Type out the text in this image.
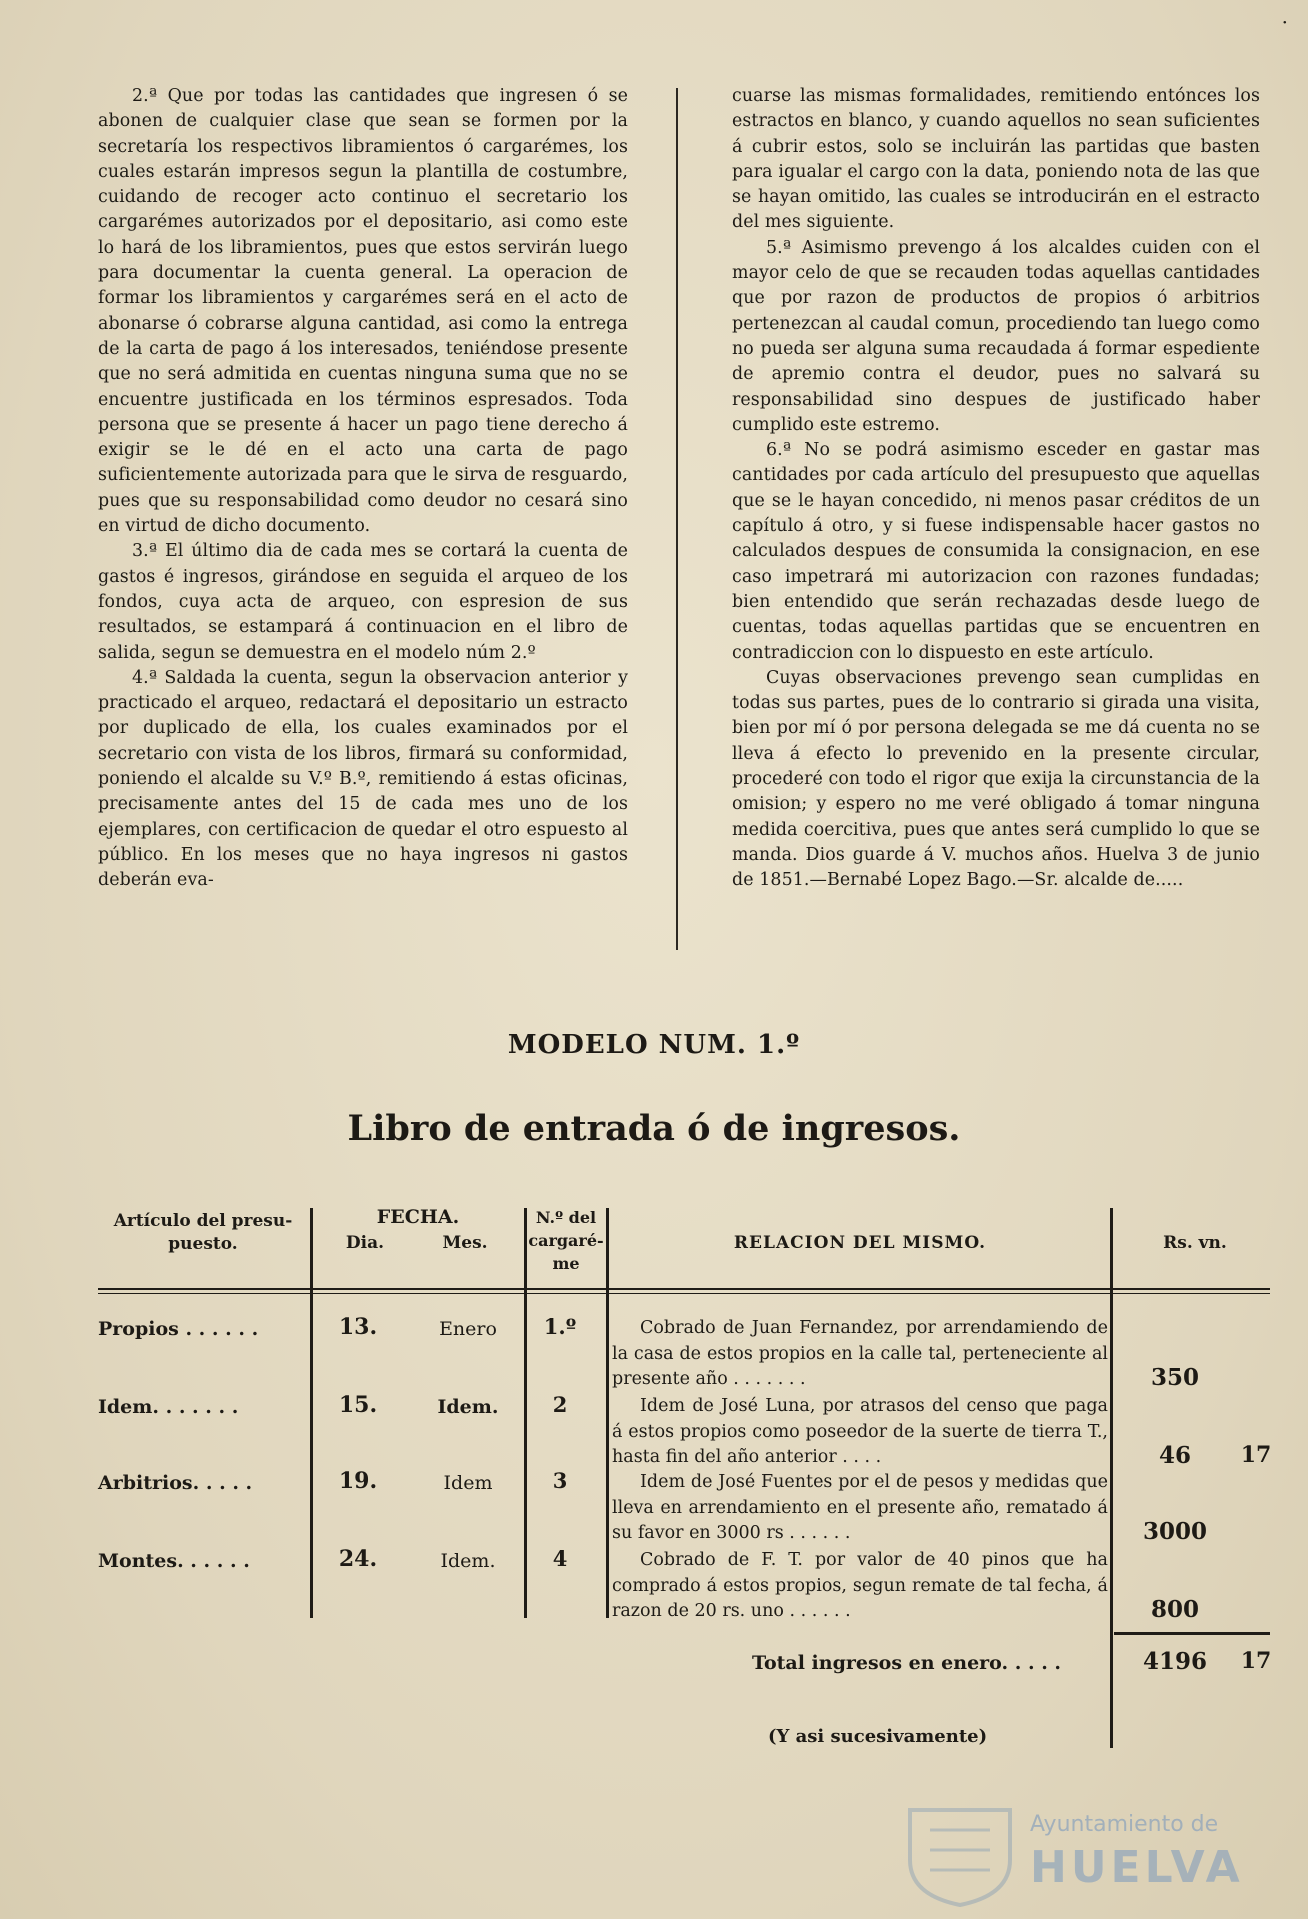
·

2.ª Que por todas las cantidades que ingresen ó se abonen de cualquier clase que sean se formen por la secretaría los respectivos libramientos ó cargarémes, los cuales estarán impresos segun la plantilla de costumbre, cuidando de recoger acto continuo el secretario los cargarémes autorizados por el depositario, asi como este lo hará de los libramientos, pues que estos servirán luego para documentar la cuenta general. La operacion de formar los libramientos y cargarémes será en el acto de abonarse ó cobrarse alguna cantidad, asi como la entrega de la carta de pago á los interesados, teniéndose presente que no será admitida en cuentas ninguna suma que no se encuentre justificada en los términos espresados. Toda persona que se presente á hacer un pago tiene derecho á exigir se le dé en el acto una carta de pago suficientemente autorizada para que le sirva de resguardo, pues que su responsabilidad como deudor no cesará sino en virtud de dicho documento.

3.ª El último dia de cada mes se cortará la cuenta de gastos é ingresos, girándose en seguida el arqueo de los fondos, cuya acta de arqueo, con espresion de sus resultados, se estampará á continuacion en el libro de salida, segun se demuestra en el modelo núm 2.º

4.ª Saldada la cuenta, segun la observacion anterior y practicado el arqueo, redactará el depositario un estracto por duplicado de ella, los cuales examinados por el secretario con vista de los libros, firmará su conformidad, poniendo el alcalde su V.º B.º, remitiendo á estas oficinas, precisamente antes del 15 de cada mes uno de los ejemplares, con certificacion de quedar el otro espuesto al público. En los meses que no haya ingresos ni gastos deberán eva-

cuarse las mismas formalidades, remitiendo entónces los estractos en blanco, y cuando aquellos no sean suficientes á cubrir estos, solo se incluirán las partidas que basten para igualar el cargo con la data, poniendo nota de las que se hayan omitido, las cuales se introducirán en el estracto del mes siguiente.

5.ª Asimismo prevengo á los alcaldes cuiden con el mayor celo de que se recauden todas aquellas cantidades que por razon de productos de propios ó arbitrios pertenezcan al caudal comun, procediendo tan luego como no pueda ser alguna suma recaudada á formar espediente de apremio contra el deudor, pues no salvará su responsabilidad sino despues de justificado haber cumplido este estremo.

6.ª No se podrá asimismo esceder en gastar mas cantidades por cada artículo del presupuesto que aquellas que se le hayan concedido, ni menos pasar créditos de un capítulo á otro, y si fuese indispensable hacer gastos no calculados despues de consumida la consignacion, en ese caso impetrará mi autorizacion con razones fundadas; bien entendido que serán rechazadas desde luego de cuentas, todas aquellas partidas que se encuentren en contradiccion con lo dispuesto en este artículo.

Cuyas observaciones prevengo sean cumplidas en todas sus partes, pues de lo contrario si girada una visita, bien por mí ó por persona delegada se me dá cuenta no se lleva á efecto lo prevenido en la presente circular, procederé con todo el rigor que exija la circunstancia de la omision; y espero no me veré obligado á tomar ninguna medida coercitiva, pues que antes será cumplido lo que se manda. Dios guarde á V. muchos años. Huelva 3 de junio de 1851.—Bernabé Lopez Bago.—Sr. alcalde de.....

MODELO NUM. 1.º
Libro de entrada ó de ingresos.
Artículo del presu-
puesto.
FECHA.
Dia.	Mes.
N.º del
cargaré-
me
RELACION DEL MISMO.	Rs. vn.
Propios . . . . . .	13.	Enero	1.º	Cobrado de Juan Fernandez, por arrendamiendo de la casa de estos propios en la calle tal, perteneciente al presente año . . . . . . .	350
Idem. . . . . . .	15.	Idem.	2	Idem de José Luna, por atrasos del censo que paga á estos propios como poseedor de la suerte de tierra T., hasta fin del año anterior . . . .	46	17
Arbitrios. . . . .	19.	Idem	3	Idem de José Fuentes por el de pesos y medidas que lleva en arrendamiento en el presente año, rematado á su favor en 3000 rs . . . . . .	3000
Montes. . . . . .	24.	Idem.	4	Cobrado de F. T. por valor de 40 pinos que ha comprado á estos propios, segun remate de tal fecha, á razon de 20 rs. uno . . . . . .	800
Total ingresos en enero. . . . .	4196	17
(Y asi sucesivamente)
Ayuntamiento de
HUELVA
